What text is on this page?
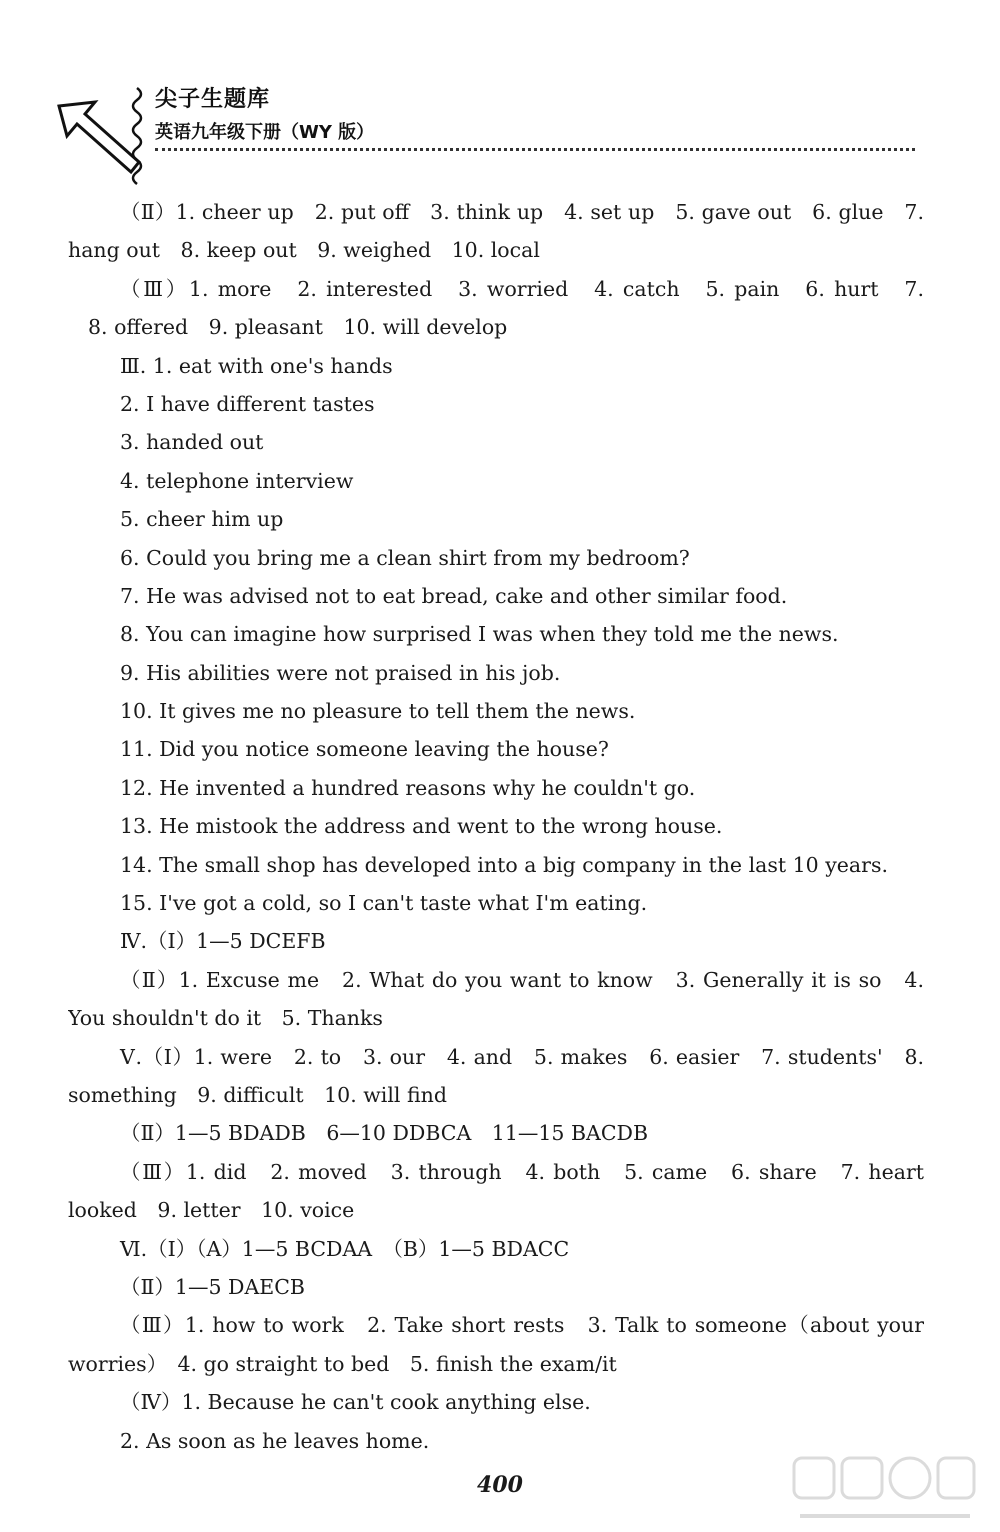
尖子生题库
英语九年级下册（WY 版）
（Ⅱ）1. cheer up　2. put off　3. think up　4. set up　5. gave out　6. glue　7.
hang out　8. keep out　9. weighed　10. local
（Ⅲ）1. more　2. interested　3. worried　4. catch　5. pain　6. hurt　7.
8. offered　9. pleasant　10. will develop
Ⅲ. 1. eat with one's hands
2. I have different tastes
3. handed out
4. telephone interview
5. cheer him up
6. Could you bring me a clean shirt from my bedroom?
7. He was advised not to eat bread, cake and other similar food.
8. You can imagine how surprised I was when they told me the news.
9. His abilities were not praised in his job.
10. It gives me no pleasure to tell them the news.
11. Did you notice someone leaving the house?
12. He invented a hundred reasons why he couldn't go.
13. He mistook the address and went to the wrong house.
14. The small shop has developed into a big company in the last 10 years.
15. I've got a cold, so I can't taste what I'm eating.
Ⅳ.（Ⅰ）1—5 DCEFB
（Ⅱ）1. Excuse me　2. What do you want to know　3. Generally it is so　4.
You shouldn't do it　5. Thanks
Ⅴ.（Ⅰ）1. were　2. to　3. our　4. and　5. makes　6. easier　7. students'　8.
something　9. difficult　10. will find
（Ⅱ）1—5 BDADB　6—10 DDBCA　11—15 BACDB
（Ⅲ）1. did　2. moved　3. through　4. both　5. came　6. share　7. heart　
looked　9. letter　10. voice
Ⅵ.（Ⅰ）（A）1—5 BCDAA　（B）1—5 BDACC
（Ⅱ）1—5 DAECB
（Ⅲ）1. how to work　2. Take short rests　3. Talk to someone（about your
worries）　4. go straight to bed　5. finish the exam/it
（Ⅳ）1. Because he can't cook anything else.
2. As soon as he leaves home.
400
